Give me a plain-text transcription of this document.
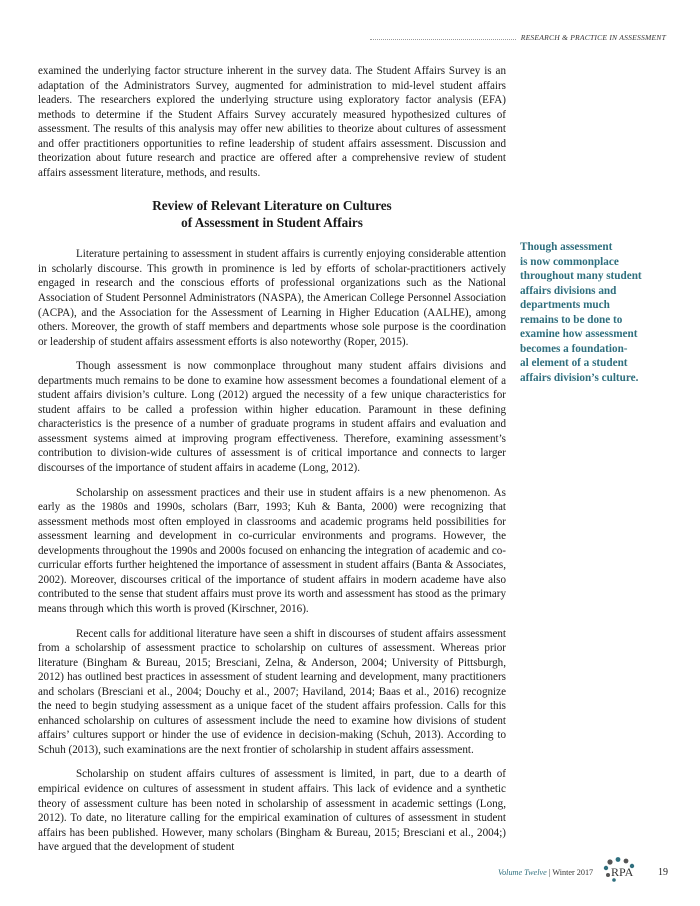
RESEARCH & PRACTICE IN ASSESSMENT

examined the underlying factor structure inherent in the survey data. The Student Affairs Survey is an adaptation of the Administrators Survey, augmented for administration to mid-level student affairs leaders. The researchers explored the underlying structure using exploratory factor analysis (EFA) methods to determine if the Student Affairs Survey accurately measured hypothesized cultures of assessment. The results of this analysis may offer new abilities to theorize about cultures of assessment and offer practitioners opportunities to refine leadership of student affairs assessment. Discussion and theorization about future research and practice are offered after a comprehensive review of student affairs assessment literature, methods, and results.

Review of Relevant Literature on Cultures
of Assessment in Student Affairs

Literature pertaining to assessment in student affairs is currently enjoying considerable attention in scholarly discourse. This growth in prominence is led by efforts of scholar-practitioners actively engaged in research and the conscious efforts of professional organizations such as the National Association of Student Personnel Administrators (NASPA), the American College Personnel Association (ACPA), and the Association for the Assessment of Learning in Higher Education (AALHE), among others. Moreover, the growth of staff members and departments whose sole purpose is the coordination or leadership of student affairs assessment efforts is also noteworthy (Roper, 2015).

Though assessment is now commonplace throughout many student affairs divisions and departments much remains to be done to examine how assessment becomes a foundational element of a student affairs division’s culture. Long (2012) argued the necessity of a few unique characteristics for student affairs to be called a profession within higher education. Paramount in these defining characteristics is the presence of a number of graduate programs in student affairs and evaluation and assessment systems aimed at improving program effectiveness. Therefore, examining assessment’s contribution to division-wide cultures of assessment is of critical importance and connects to larger discourses of the importance of student affairs in academe (Long, 2012).

Scholarship on assessment practices and their use in student affairs is a new phenomenon. As early as the 1980s and 1990s, scholars (Barr, 1993; Kuh & Banta, 2000) were recognizing that assessment methods most often employed in classrooms and academic programs held possibilities for assessment learning and development in co-curricular environments and programs. However, the developments throughout the 1990s and 2000s focused on enhancing the integration of academic and co-curricular efforts further heightened the importance of assessment in student affairs (Banta & Associates, 2002). Moreover, discourses critical of the importance of student affairs in modern academe have also contributed to the sense that student affairs must prove its worth and assessment has stood as the primary means through which this worth is proved (Kirschner, 2016).

Recent calls for additional literature have seen a shift in discourses of student affairs assessment from a scholarship of assessment practice to scholarship on cultures of assessment. Whereas prior literature (Bingham & Bureau, 2015; Bresciani, Zelna, & Anderson, 2004; University of Pittsburgh, 2012) has outlined best practices in assessment of student learning and development, many practitioners and scholars (Bresciani et al., 2004; Douchy et al., 2007; Haviland, 2014; Baas et al., 2016) recognize the need to begin studying assessment as a unique facet of the student affairs profession. Calls for this enhanced scholarship on cultures of assessment include the need to examine how divisions of student affairs’ cultures support or hinder the use of evidence in decision-making (Schuh, 2013). According to Schuh (2013), such examinations are the next frontier of scholarship in student affairs assessment.

Scholarship on student affairs cultures of assessment is limited, in part, due to a dearth of empirical evidence on cultures of assessment in student affairs. This lack of evidence and a synthetic theory of assessment culture has been noted in scholarship of assessment in academic settings (Long, 2012). To date, no literature calling for the empirical examination of cultures of assessment in student affairs has been published. However, many scholars (Bingham & Bureau, 2015; Bresciani et al., 2004;) have argued that the development of student

Though assessment
is now commonplace
throughout many student
affairs divisions and
departments much
remains to be done to
examine how assessment
becomes a foundation-
al element of a student
affairs division’s culture.
Volume Twelve | Winter 2017 RPA 19
